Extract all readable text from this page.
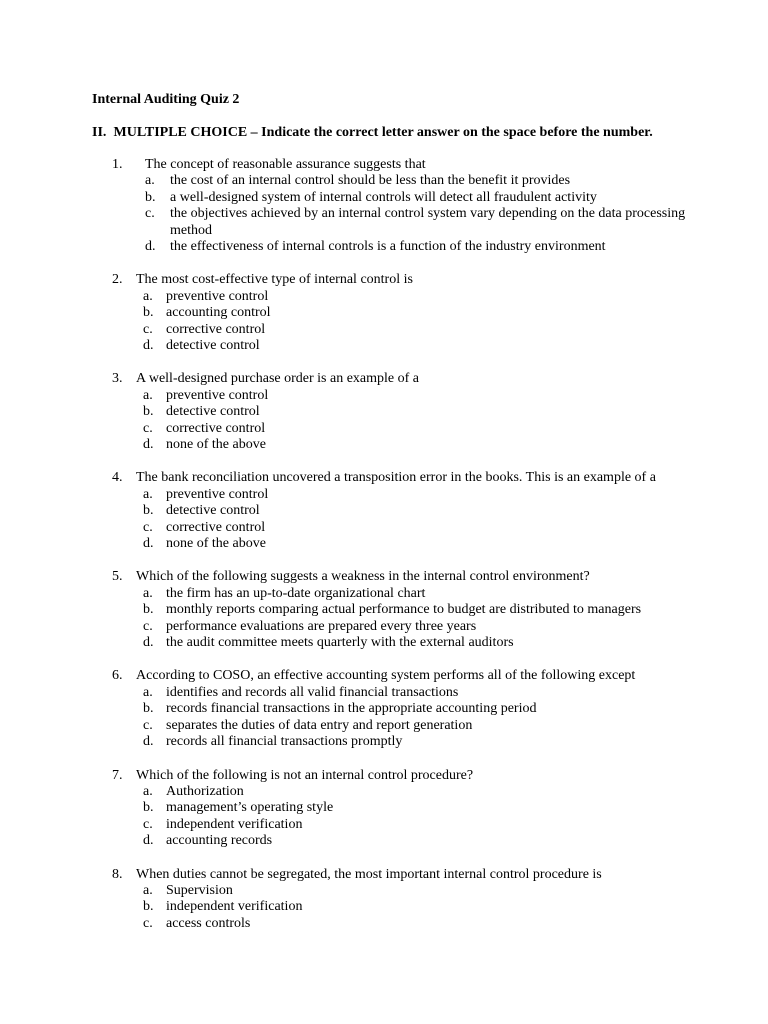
Internal Auditing Quiz 2
II. MULTIPLE CHOICE – Indicate the correct letter answer on the space before the number.
1. The concept of reasonable assurance suggests that
a. the cost of an internal control should be less than the benefit it provides
b. a well-designed system of internal controls will detect all fraudulent activity
c. the objectives achieved by an internal control system vary depending on the data processing method
d. the effectiveness of internal controls is a function of the industry environment
2. The most cost-effective type of internal control is
a. preventive control
b. accounting control
c. corrective control
d. detective control
3. A well-designed purchase order is an example of a
a. preventive control
b. detective control
c. corrective control
d. none of the above
4. The bank reconciliation uncovered a transposition error in the books. This is an example of a
a. preventive control
b. detective control
c. corrective control
d. none of the above
5. Which of the following suggests a weakness in the internal control environment?
a. the firm has an up-to-date organizational chart
b. monthly reports comparing actual performance to budget are distributed to managers
c. performance evaluations are prepared every three years
d. the audit committee meets quarterly with the external auditors
6. According to COSO, an effective accounting system performs all of the following except
a. identifies and records all valid financial transactions
b. records financial transactions in the appropriate accounting period
c. separates the duties of data entry and report generation
d. records all financial transactions promptly
7. Which of the following is not an internal control procedure?
a. Authorization
b. management’s operating style
c. independent verification
d. accounting records
8. When duties cannot be segregated, the most important internal control procedure is
a. Supervision
b. independent verification
c. access controls
